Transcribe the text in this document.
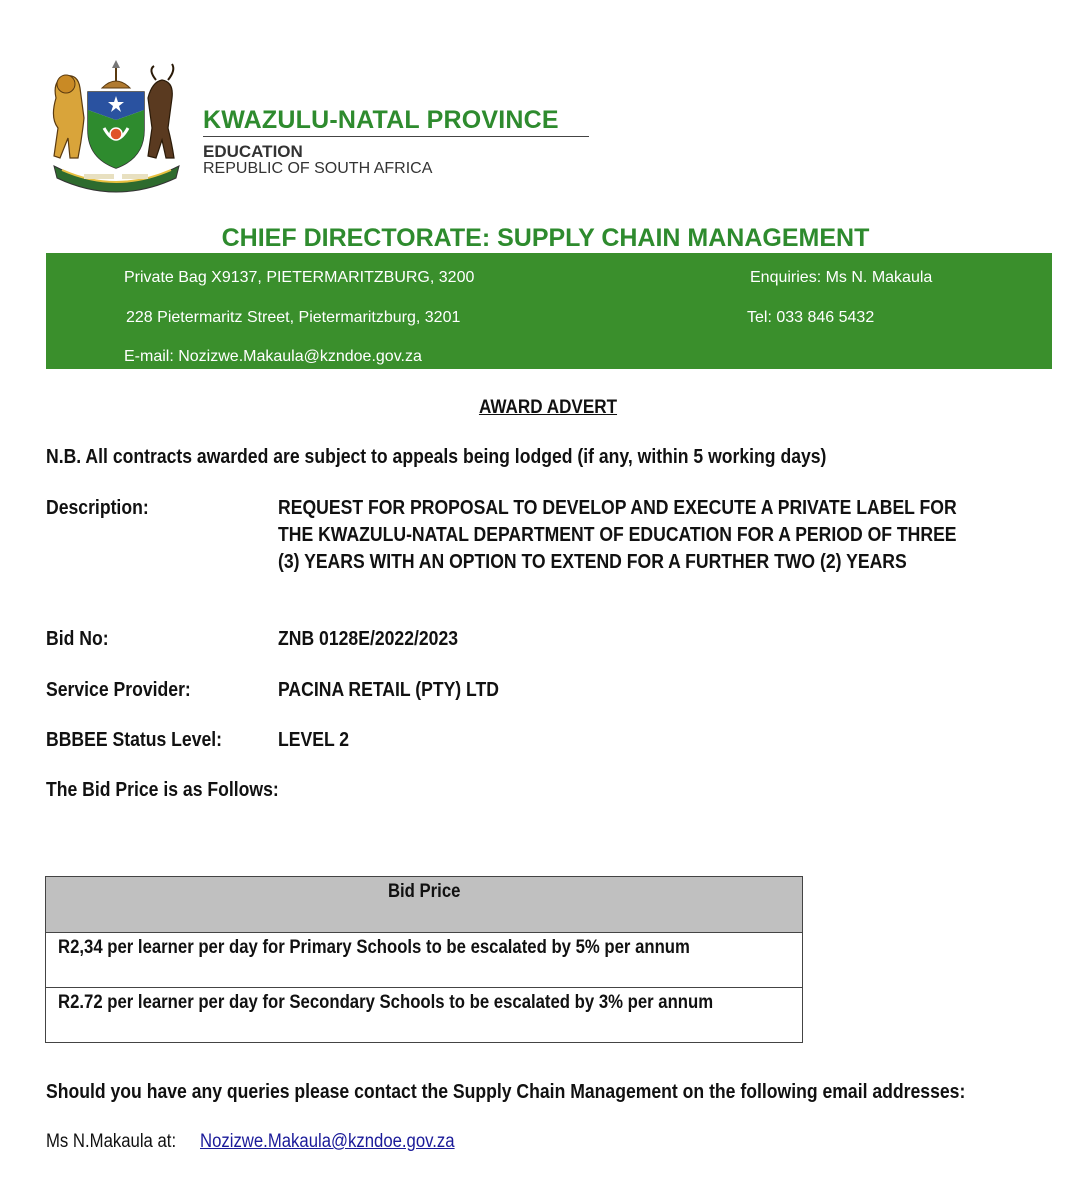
KWAZULU-NATAL PROVINCE
EDUCATION
REPUBLIC OF SOUTH AFRICA
CHIEF DIRECTORATE: SUPPLY CHAIN MANAGEMENT
Private Bag X9137, PIETERMARITZBURG, 3200
228 Pietermaritz Street, Pietermaritzburg, 3201
E-mail: Nozizwe.Makaula@kzndoe.gov.za
Enquiries: Ms N. Makaula
Tel: 033 846 5432
AWARD ADVERT
N.B. All contracts awarded are subject to appeals being lodged (if any, within 5 working days)
Description:	REQUEST FOR PROPOSAL TO DEVELOP AND EXECUTE A PRIVATE LABEL FOR
THE KWAZULU-NATAL DEPARTMENT OF EDUCATION FOR A PERIOD OF THREE
(3) YEARS WITH AN OPTION TO EXTEND FOR A FURTHER TWO (2) YEARS
Bid No:	ZNB 0128E/2022/2023
Service Provider:	PACINA RETAIL (PTY) LTD
BBBEE Status Level:	LEVEL 2
The Bid Price is as Follows:
Bid Price
R2,34 per learner per day for Primary Schools to be escalated by 5% per annum
R2.72 per learner per day for Secondary Schools to be escalated by 3% per annum
Should you have any queries please contact the Supply Chain Management on the following email addresses:
Ms N.Makaula at: Nozizwe.Makaula@kzndoe.gov.za
